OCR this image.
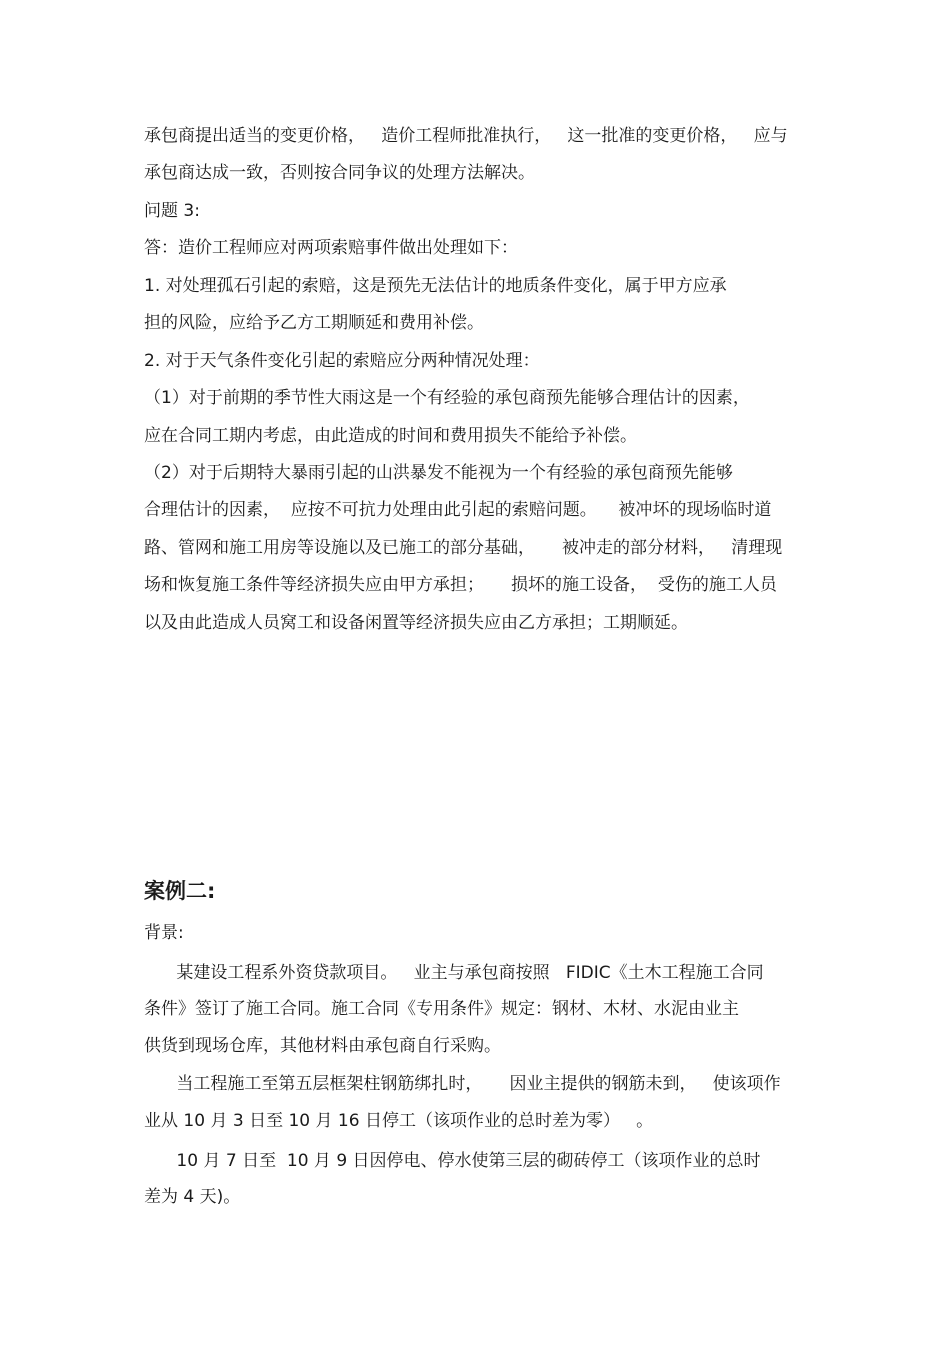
承包商提出适当的变更价格，   造价工程师批准执行，   这一批准的变更价格，   应与

承包商达成一致，否则按合同争议的处理方法解决。

问题 3:

答：造价工程师应对两项索赔事件做出处理如下：

1. 对处理孤石引起的索赔，这是预先无法估计的地质条件变化，属于甲方应承

担的风险，应给予乙方工期顺延和费用补偿。

2. 对于天气条件变化引起的索赔应分两种情况处理：

（1）对于前期的季节性大雨这是一个有经验的承包商预先能够合理估计的因素，

应在合同工期内考虑，由此造成的时间和费用损失不能给予补偿。

（2）对于后期特大暴雨引起的山洪暴发不能视为一个有经验的承包商预先能够

合理估计的因素，  应按不可抗力处理由此引起的索赔问题。    被冲坏的现场临时道

路、管网和施工用房等设施以及已施工的部分基础，     被冲走的部分材料，   清理现

场和恢复施工条件等经济损失应由甲方承担；     损坏的施工设备，  受伤的施工人员

以及由此造成人员窝工和设备闲置等经济损失应由乙方承担；工期顺延。

案例二:

背景:

某建设工程系外资贷款项目。   业主与承包商按照   FIDIC《土木工程施工合同

条件》签订了施工合同。施工合同《专用条件》规定：钢材、木材、水泥由业主

供货到现场仓库，其他材料由承包商自行采购。

当工程施工至第五层框架柱钢筋绑扎时，     因业主提供的钢筋未到，   使该项作

业从 10 月 3 日至 10 月 16 日停工（该项作业的总时差为零）   。

10 月 7 日至  10 月 9 日因停电、停水使第三层的砌砖停工（该项作业的总时

差为 4 天)。
